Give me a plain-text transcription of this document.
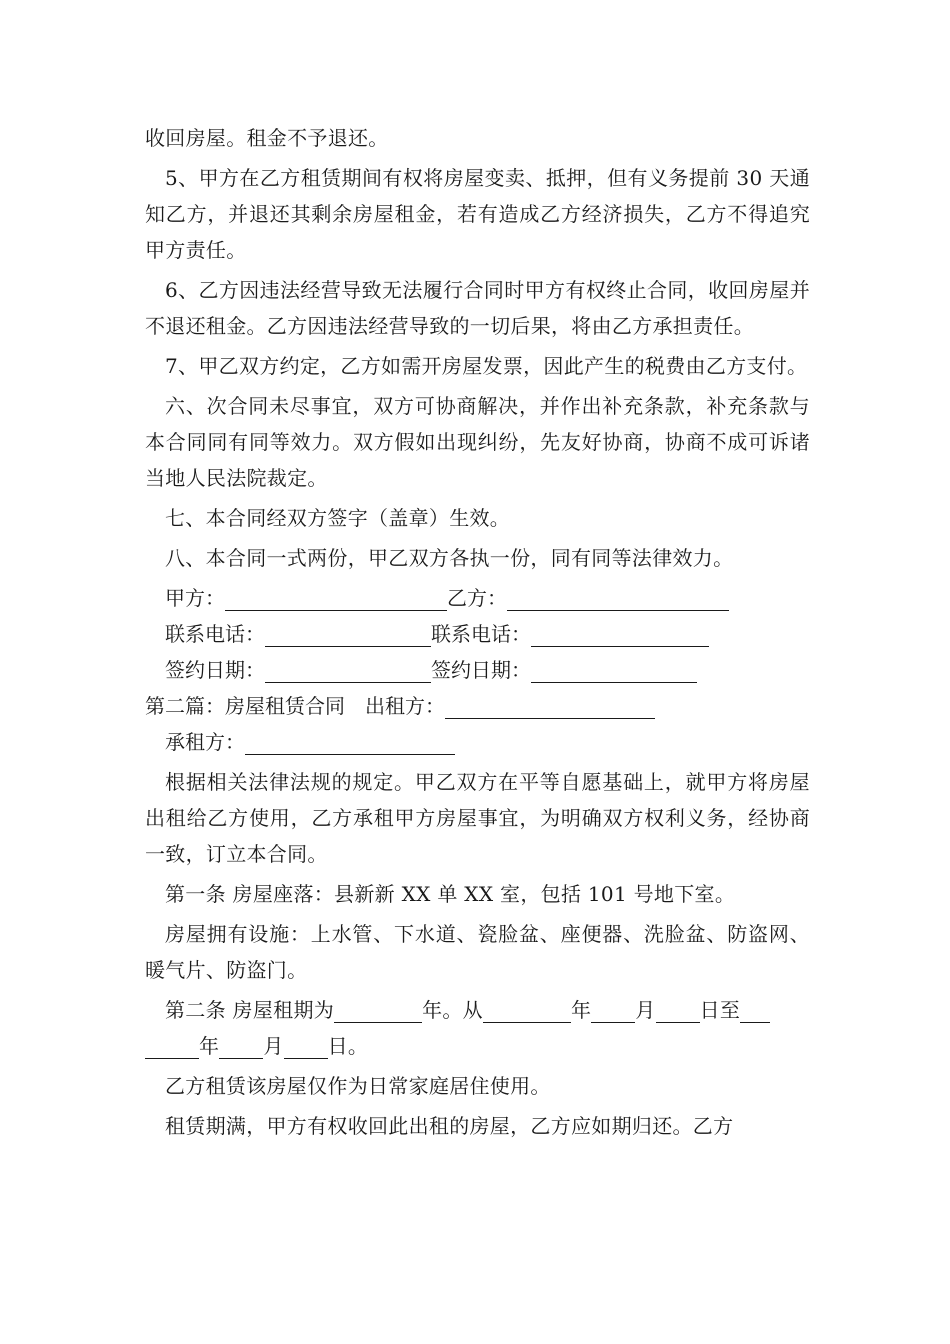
收回房屋。租金不予退还。

5、甲方在乙方租赁期间有权将房屋变卖、抵押，但有义务提前 30 天通知乙方，并退还其剩余房屋租金，若有造成乙方经济损失，乙方不得追究甲方责任。

6、乙方因违法经营导致无法履行合同时甲方有权终止合同，收回房屋并不退还租金。乙方因违法经营导致的一切后果，将由乙方承担责任。

7、甲乙双方约定，乙方如需开房屋发票，因此产生的税费由乙方支付。

六、次合同未尽事宜，双方可协商解决，并作出补充条款，补充条款与本合同同有同等效力。双方假如出现纠纷，先友好协商，协商不成可诉诸当地人民法院裁定。

七、本合同经双方签字（盖章）生效。

八、本合同一式两份，甲乙双方各执一份，同有同等法律效力。

甲方：	乙方：
联系电话：	联系电话：
签约日期：	签约日期：
第二篇：房屋租赁合同 出租方：
承租方：

根据相关法律法规的规定。甲乙双方在平等自愿基础上，就甲方将房屋出租给乙方使用，乙方承租甲方房屋事宜，为明确双方权利义务，经协商一致，订立本合同。

第一条 房屋座落：县新新 XX 单 XX 室，包括 101 号地下室。

房屋拥有设施：上水管、下水道、瓷脸盆、座便器、洗脸盆、防盗网、暖气片、防盗门。

第二条 房屋租期为	年。从	年 月 日至
年 月 日。

乙方租赁该房屋仅作为日常家庭居住使用。

租赁期满，甲方有权收回此出租的房屋，乙方应如期归还。乙方
